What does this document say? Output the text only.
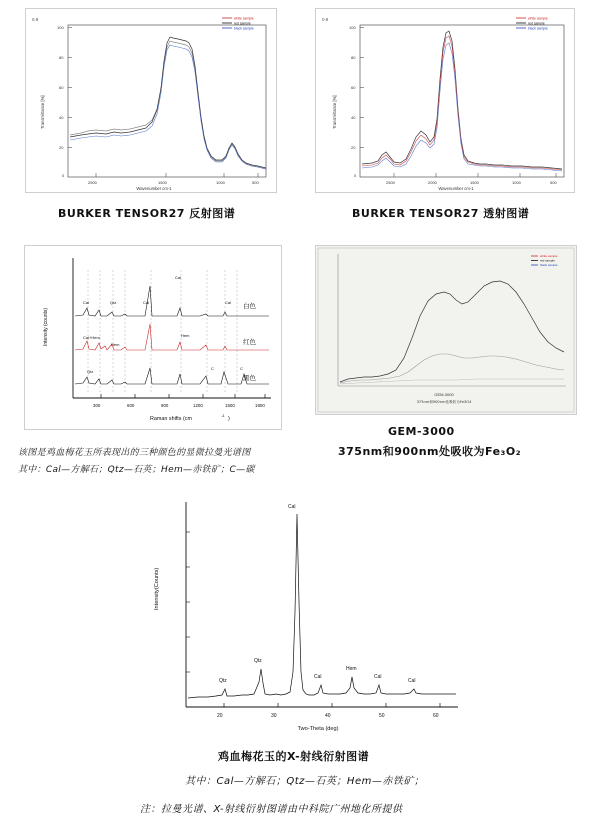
0.9	white sample
red sample
black sample
100
80
60
40
20
0
2500	1500	1000	500
Transmittance [%]
Wavenumber cm-1
BURKER TENSOR27 反射图谱
0.9	white sample
red sample
black sample
100
80
60
40
20
0
2500	2000	1500	1000	500
Transmittance [%]
Wavenumber cm-1
BURKER TENSOR27 透射图谱
300	600	900	1200	1500	1800
Intensity (counts)
Raman shifts (cm
-1
)
Cal	Qtz	Cal
Cal
Cal
Cal+Hem
Hem
Hem
Qtz
C	C
白色
红色
黑色
该图是鸡血梅花玉所表现出的三种颜色的显微拉曼光谱图
其中：Cal—方解石；Qtz—石英；Hem—赤铁矿；C—碳
white sample
red sample
black sample
GEM-3000
375nm和900nm处吸收为Fe3O4
GEM-3000
375nm和900nm处吸收为Fe₃O₂
20	30	40	50	60
Intensity(Counts)
Two-Theta (deg)
Qtz
Qtz
Cal
Cal
Hem
Cal
Cal
鸡血梅花玉的X-射线衍射图谱
其中：Cal—方解石；Qtz—石英；Hem—赤铁矿；
注：拉曼光谱、X-射线衍射图谱由中科院广州地化所提供
